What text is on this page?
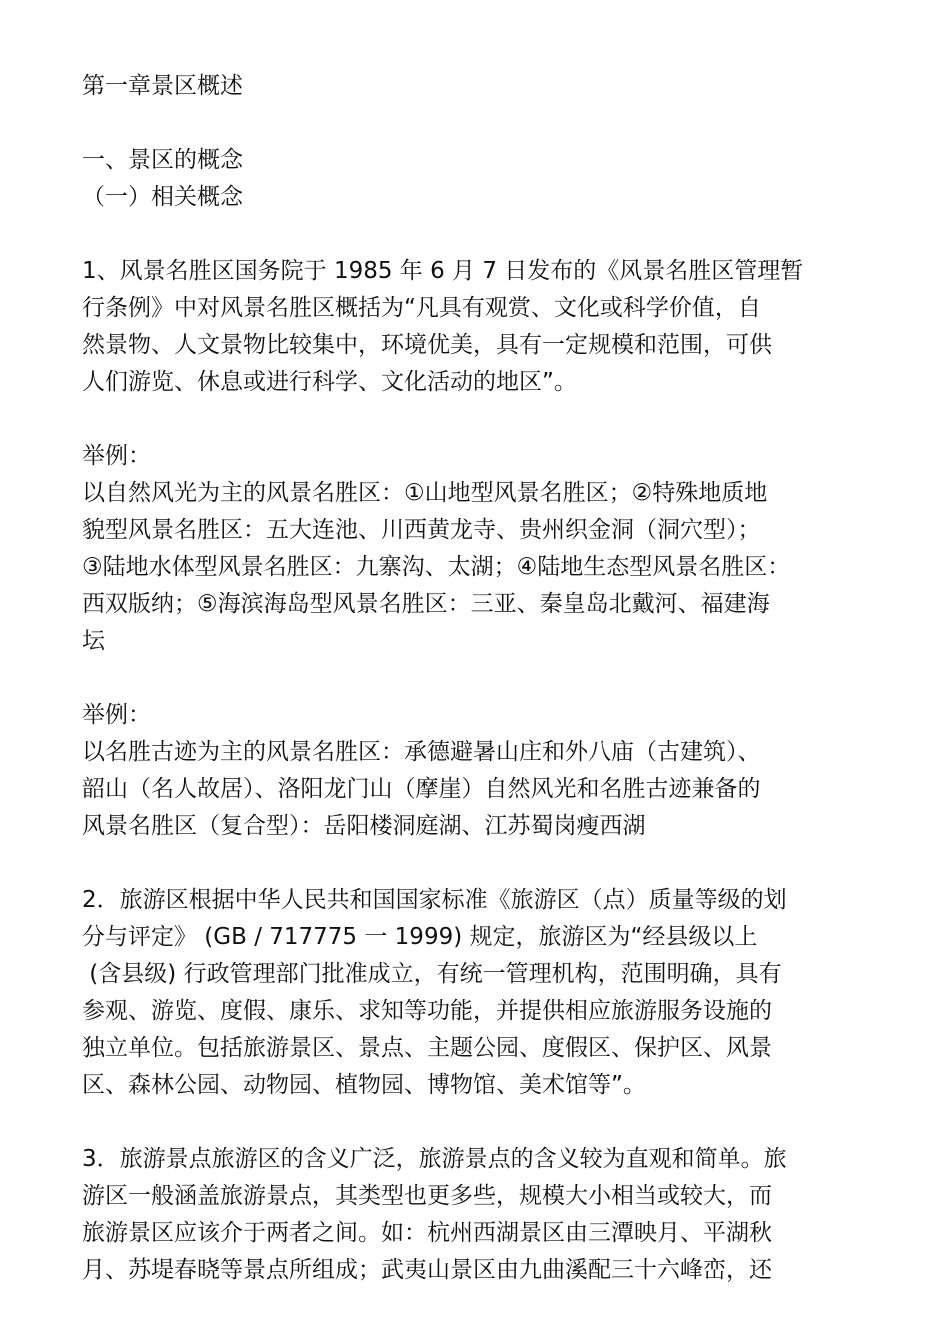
第一章景区概述
一、景区的概念
（一）相关概念
1、风景名胜区国务院于 1985 年 6 月 7 日发布的《风景名胜区管理暂
行条例》中对风景名胜区概括为“凡具有观赏、文化或科学价值，自
然景物、人文景物比较集中，环境优美，具有一定规模和范围，可供
人们游览、休息或进行科学、文化活动的地区”。
举例：
以自然风光为主的风景名胜区：①山地型风景名胜区；②特殊地质地
貌型风景名胜区：五大连池、川西黄龙寺、贵州织金洞（洞穴型）；
③陆地水体型风景名胜区：九寨沟、太湖；④陆地生态型风景名胜区：
西双版纳；⑤海滨海岛型风景名胜区：三亚、秦皇岛北戴河、福建海
坛
举例：
以名胜古迹为主的风景名胜区：承德避暑山庄和外八庙（古建筑）、
韶山（名人故居）、洛阳龙门山（摩崖）自然风光和名胜古迹兼备的
风景名胜区（复合型）：岳阳楼洞庭湖、江苏蜀岗瘦西湖
2．旅游区根据中华人民共和国国家标准《旅游区（点）质量等级的划
分与评定》 (GB / 717775 一 1999) 规定，旅游区为“经县级以上
(含县级) 行政管理部门批准成立，有统一管理机构，范围明确，具有
参观、游览、度假、康乐、求知等功能，并提供相应旅游服务设施的
独立单位。包括旅游景区、景点、主题公园、度假区、保护区、风景
区、森林公园、动物园、植物园、博物馆、美术馆等”。
3．旅游景点旅游区的含义广泛，旅游景点的含义较为直观和简单。旅
游区一般涵盖旅游景点，其类型也更多些，规模大小相当或较大，而
旅游景区应该介于两者之间。如：杭州西湖景区由三潭映月、平湖秋
月、苏堤春晓等景点所组成；武夷山景区由九曲溪配三十六峰峦，还
